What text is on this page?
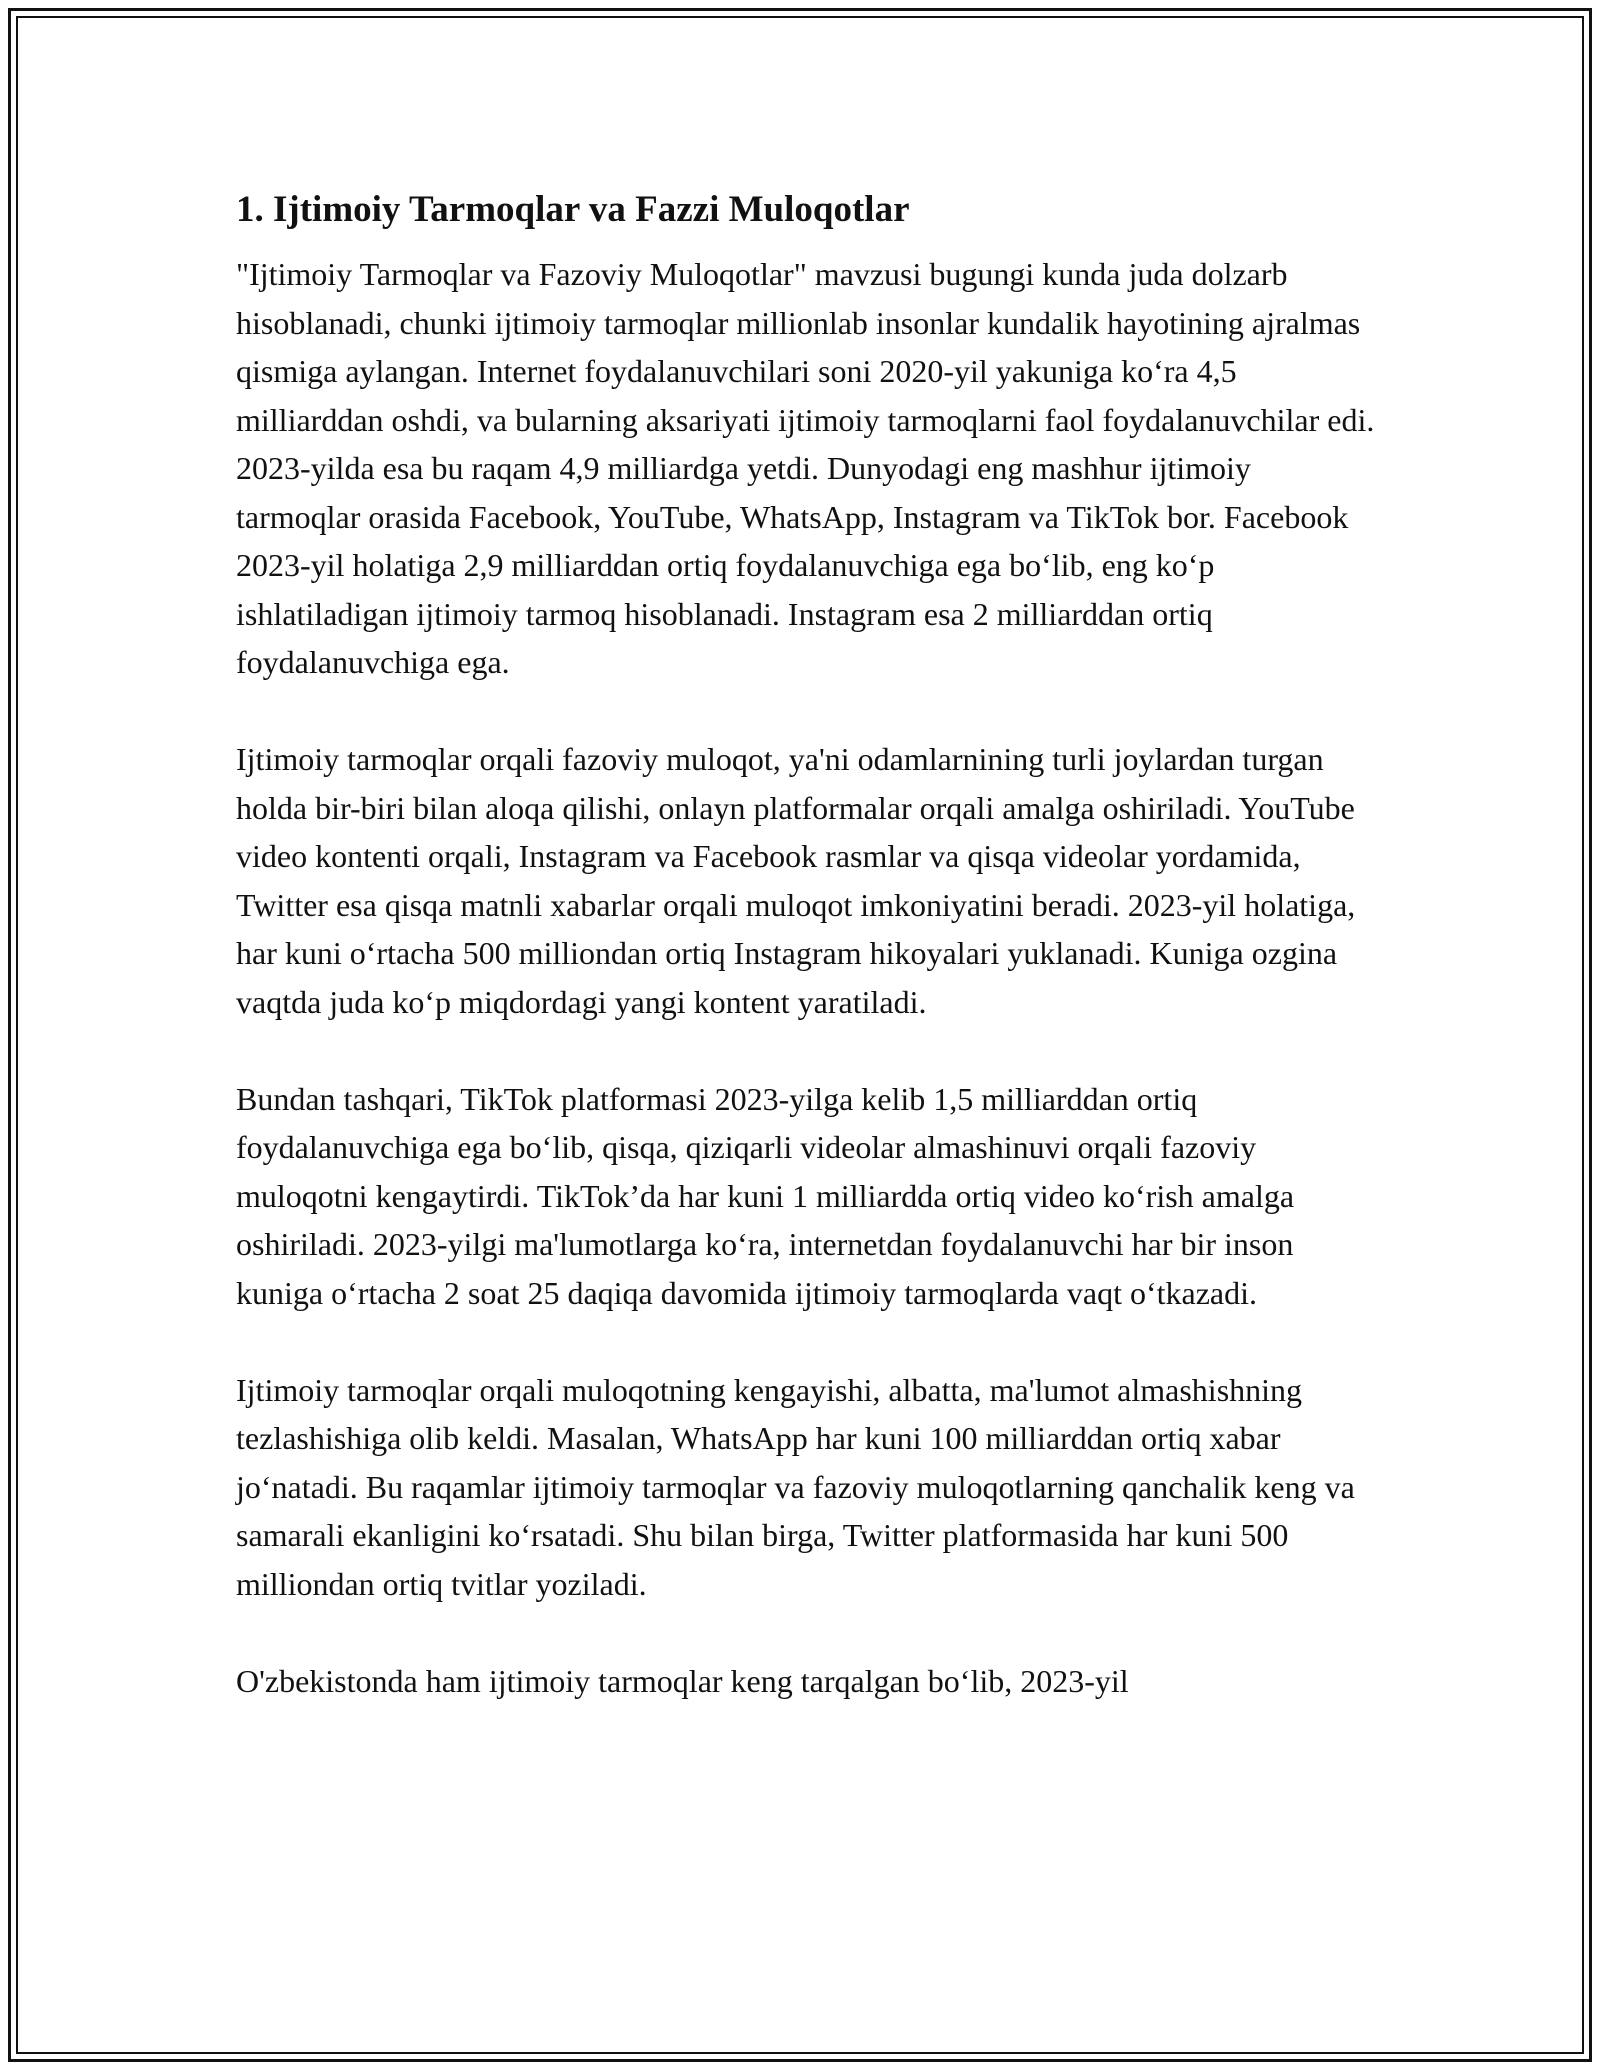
1. Ijtimoiy Tarmoqlar va Fazzi Muloqotlar

"Ijtimoiy Tarmoqlar va Fazoviy Muloqotlar" mavzusi bugungi kunda juda dolzarb hisoblanadi, chunki ijtimoiy tarmoqlar millionlab insonlar kundalik hayotining ajralmas qismiga aylangan. Internet foydalanuvchilari soni 2020-yil yakuniga koʻra 4,5 milliarddan oshdi, va bularning aksariyati ijtimoiy tarmoqlarni faol foydalanuvchilar edi. 2023-yilda esa bu raqam 4,9 milliardga yetdi. Dunyodagi eng mashhur ijtimoiy tarmoqlar orasida Facebook, YouTube, WhatsApp, Instagram va TikTok bor. Facebook 2023-yil holatiga 2,9 milliarddan ortiq foydalanuvchiga ega boʻlib, eng koʻp ishlatiladigan ijtimoiy tarmoq hisoblanadi. Instagram esa 2 milliarddan ortiq foydalanuvchiga ega.

Ijtimoiy tarmoqlar orqali fazoviy muloqot, ya'ni odamlarnining turli joylardan turgan holda bir-biri bilan aloqa qilishi, onlayn platformalar orqali amalga oshiriladi. YouTube video kontenti orqali, Instagram va Facebook rasmlar va qisqa videolar yordamida, Twitter esa qisqa matnli xabarlar orqali muloqot imkoniyatini beradi. 2023-yil holatiga, har kuni oʻrtacha 500 milliondan ortiq Instagram hikoyalari yuklanadi. Kuniga ozgina vaqtda juda koʻp miqdordagi yangi kontent yaratiladi.

Bundan tashqari, TikTok platformasi 2023-yilga kelib 1,5 milliarddan ortiq foydalanuvchiga ega boʻlib, qisqa, qiziqarli videolar almashinuvi orqali fazoviy muloqotni kengaytirdi. TikTok’da har kuni 1 milliardda ortiq video koʻrish amalga oshiriladi. 2023-yilgi ma'lumotlarga koʻra, internetdan foydalanuvchi har bir inson kuniga oʻrtacha 2 soat 25 daqiqa davomida ijtimoiy tarmoqlarda vaqt oʻtkazadi.

Ijtimoiy tarmoqlar orqali muloqotning kengayishi, albatta, ma'lumot almashishning tezlashishiga olib keldi. Masalan, WhatsApp har kuni 100 milliarddan ortiq xabar joʻnatadi. Bu raqamlar ijtimoiy tarmoqlar va fazoviy muloqotlarning qanchalik keng va samarali ekanligini koʻrsatadi. Shu bilan birga, Twitter platformasida har kuni 500 milliondan ortiq tvitlar yoziladi.

O'zbekistonda ham ijtimoiy tarmoqlar keng tarqalgan boʻlib, 2023-yil
